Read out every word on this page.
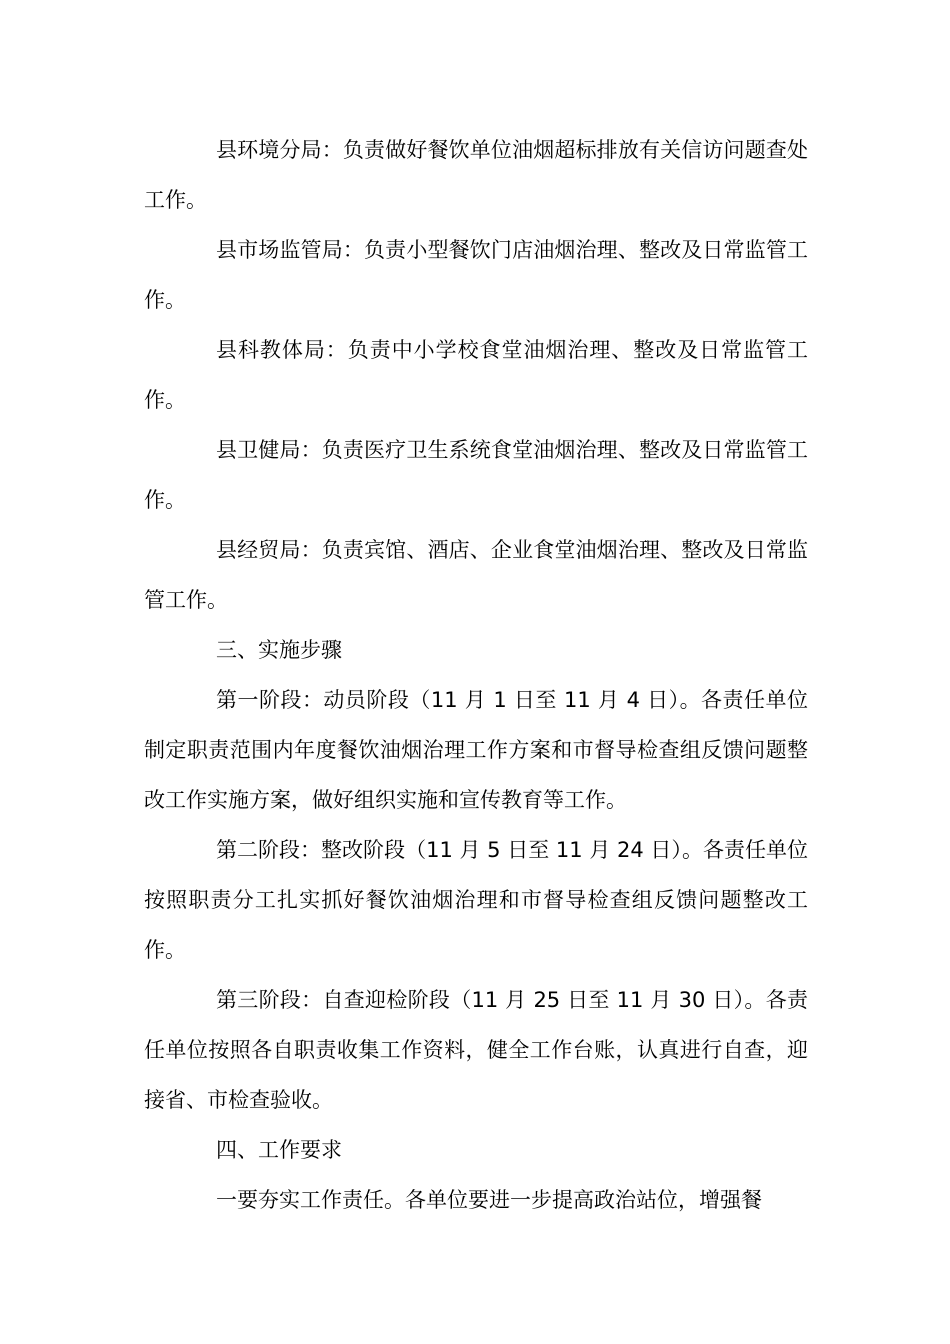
县环境分局：负责做好餐饮单位油烟超标排放有关信访问题查处工作。

县市场监管局：负责小型餐饮门店油烟治理、整改及日常监管工作。

县科教体局：负责中小学校食堂油烟治理、整改及日常监管工作。

县卫健局：负责医疗卫生系统食堂油烟治理、整改及日常监管工作。

县经贸局：负责宾馆、酒店、企业食堂油烟治理、整改及日常监管工作。

三、实施步骤

第一阶段：动员阶段（11 月 1 日至 11 月 4 日）。各责任单位制定职责范围内年度餐饮油烟治理工作方案和市督导检查组反馈问题整改工作实施方案，做好组织实施和宣传教育等工作。

第二阶段：整改阶段（11 月 5 日至 11 月 24 日）。各责任单位按照职责分工扎实抓好餐饮油烟治理和市督导检查组反馈问题整改工作。

第三阶段：自查迎检阶段（11 月 25 日至 11 月 30 日）。各责任单位按照各自职责收集工作资料，健全工作台账，认真进行自查，迎接省、市检查验收。

四、工作要求

一要夯实工作责任。各单位要进一步提高政治站位，增强餐
